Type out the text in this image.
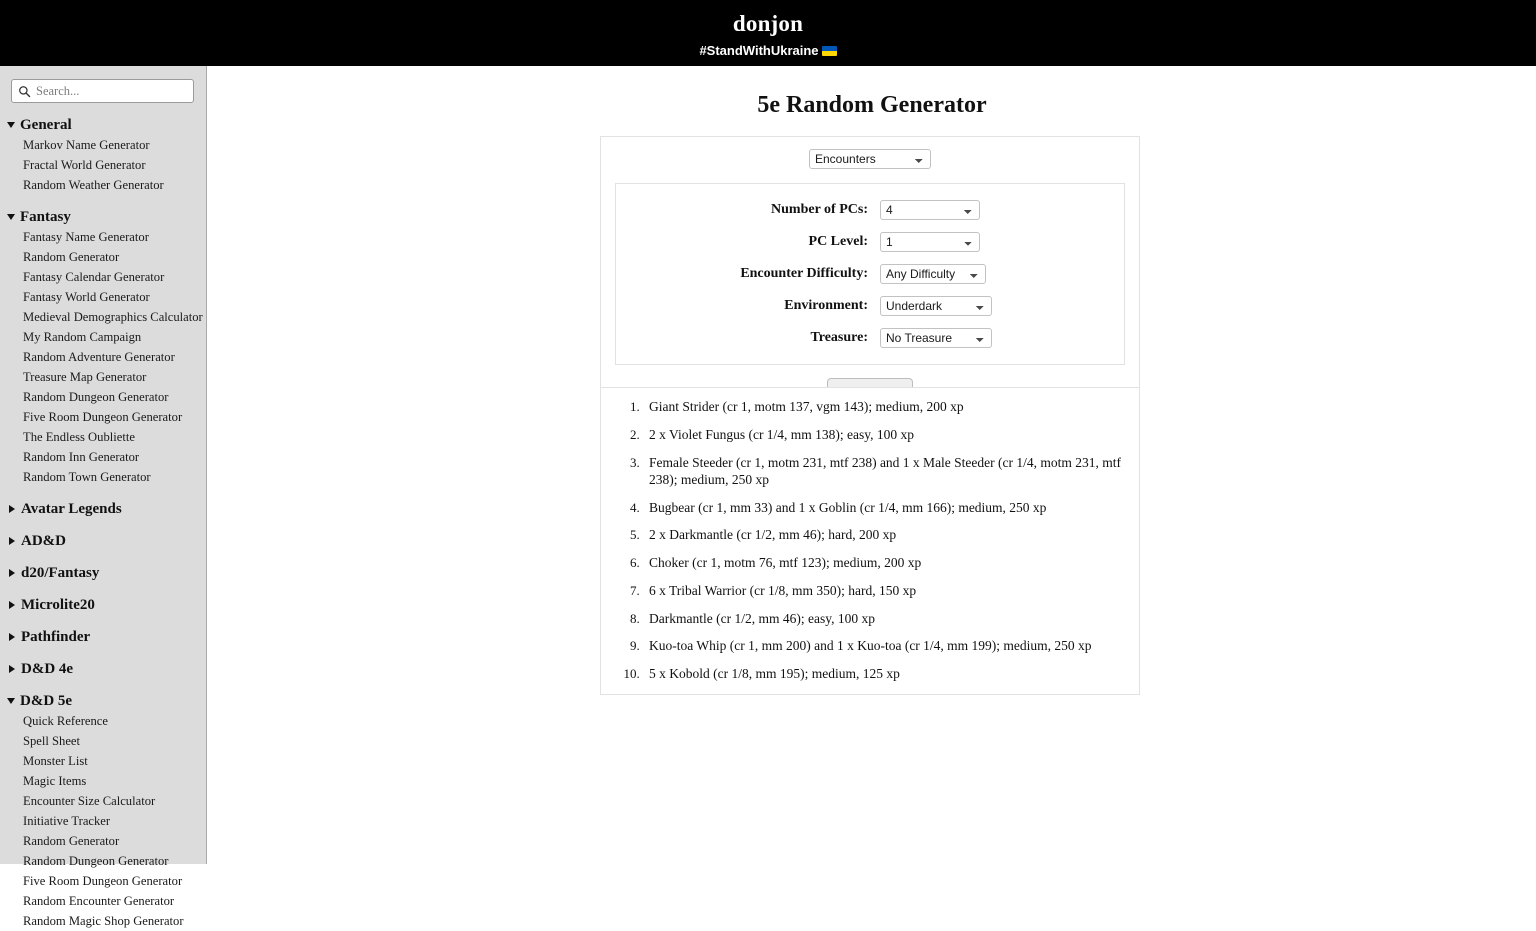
donjon
#StandWithUkraine
Search...
General
Markov Name Generator
Fractal World Generator
Random Weather Generator
Fantasy
Fantasy Name Generator
Random Generator
Fantasy Calendar Generator
Fantasy World Generator
Medieval Demographics Calculator
My Random Campaign
Random Adventure Generator
Treasure Map Generator
Random Dungeon Generator
Five Room Dungeon Generator
The Endless Oubliette
Random Inn Generator
Random Town Generator
Avatar Legends
AD&D
d20/Fantasy
Microlite20
Pathfinder
D&D 4e
D&D 5e
Quick Reference
Spell Sheet
Monster List
Magic Items
Encounter Size Calculator
Initiative Tracker
Random Generator
Random Dungeon Generator
Five Room Dungeon Generator
Random Encounter Generator
Random Magic Shop Generator
5e Random Generator
Encounters
Number of PCs:
4
PC Level:
1
Encounter Difficulty:
Any Difficulty
Environment:
Underdark
Treasure:
No Treasure
1. Giant Strider (cr 1, motm 137, vgm 143); medium, 200 xp
2. 2 x Violet Fungus (cr 1/4, mm 138); easy, 100 xp
3. Female Steeder (cr 1, motm 231, mtf 238) and 1 x Male Steeder (cr 1/4, motm 231, mtf 238); medium, 250 xp
4. Bugbear (cr 1, mm 33) and 1 x Goblin (cr 1/4, mm 166); medium, 250 xp
5. 2 x Darkmantle (cr 1/2, mm 46); hard, 200 xp
6. Choker (cr 1, motm 76, mtf 123); medium, 200 xp
7. 6 x Tribal Warrior (cr 1/8, mm 350); hard, 150 xp
8. Darkmantle (cr 1/2, mm 46); easy, 100 xp
9. Kuo-toa Whip (cr 1, mm 200) and 1 x Kuo-toa (cr 1/4, mm 199); medium, 250 xp
10. 5 x Kobold (cr 1/8, mm 195); medium, 125 xp
